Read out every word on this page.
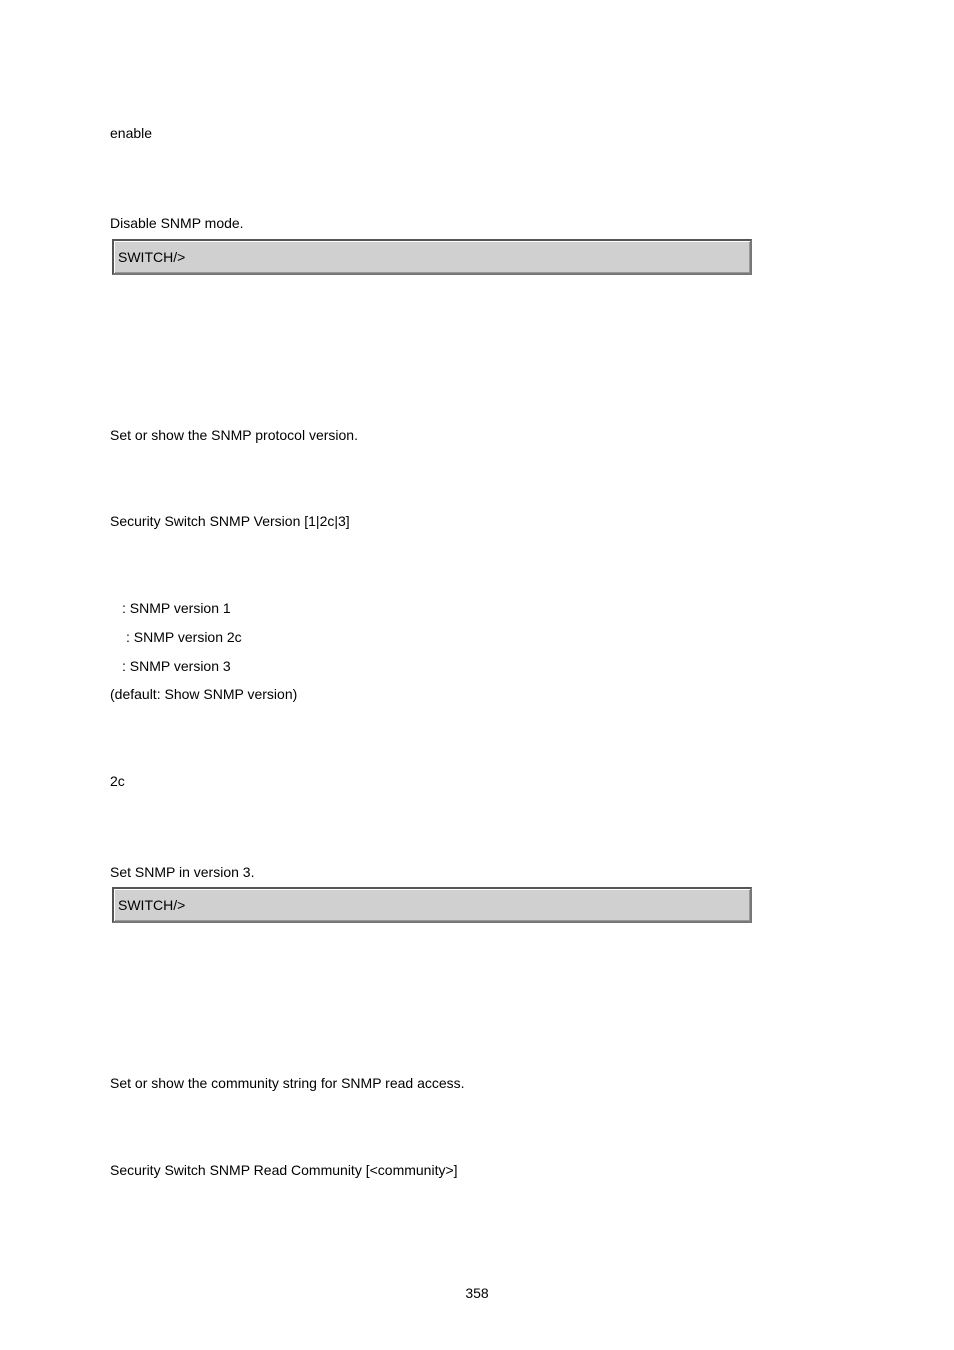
enable
Disable SNMP mode.
SWITCH/>
Set or show the SNMP protocol version.
Security Switch SNMP Version [1|2c|3]
: SNMP version 1
: SNMP version 2c
: SNMP version 3
(default: Show SNMP version)
2c
Set SNMP in version 3.
SWITCH/>
Set or show the community string for SNMP read access.
Security Switch SNMP Read Community [<community>]
358
